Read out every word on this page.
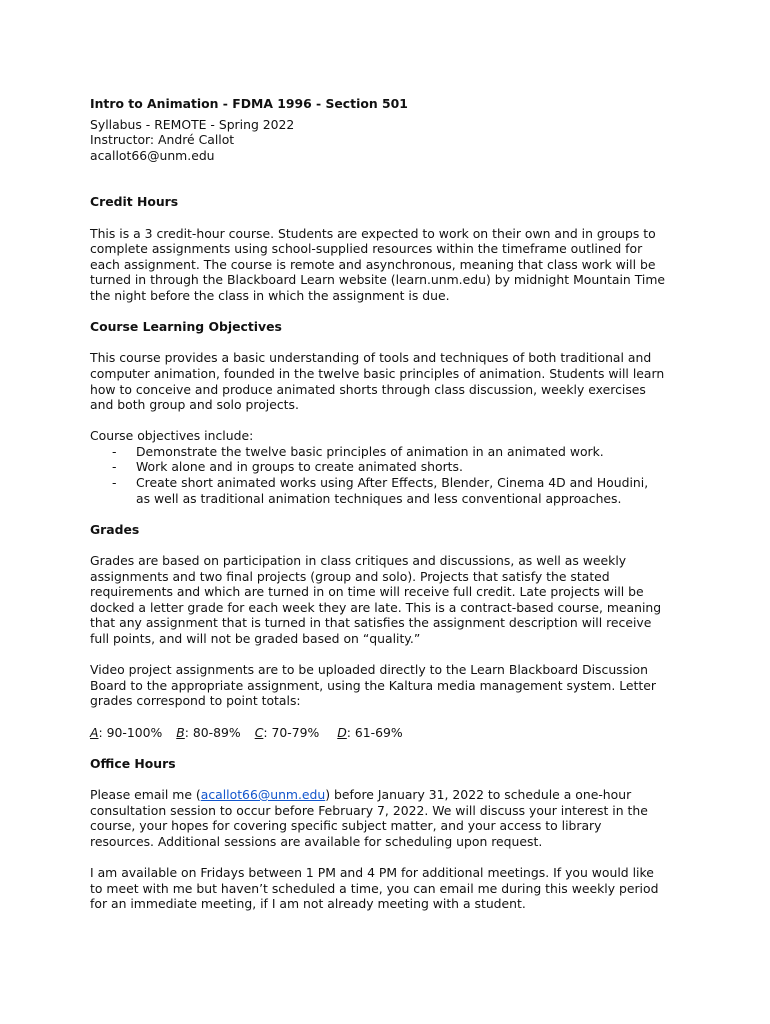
Intro to Animation - FDMA 1996 - Section 501

Syllabus - REMOTE - Spring 2022

Instructor: André Callot

acallot66@unm.edu

Credit Hours
This is a 3 credit-hour course. Students are expected to work on their own and in groups to
complete assignments using school-supplied resources within the timeframe outlined for
each assignment. The course is remote and asynchronous, meaning that class work will be
turned in through the Blackboard Learn website (learn.unm.edu) by midnight Mountain Time
the night before the class in which the assignment is due.
Course Learning Objectives
This course provides a basic understanding of tools and techniques of both traditional and
computer animation, founded in the twelve basic principles of animation. Students will learn
how to conceive and produce animated shorts through class discussion, weekly exercises
and both group and solo projects.
Course objectives include:
- Demonstrate the twelve basic principles of animation in an animated work.
- Work alone and in groups to create animated shorts.
- Create short animated works using After Effects, Blender, Cinema 4D and Houdini,
as well as traditional animation techniques and less conventional approaches.
Grades
Grades are based on participation in class critiques and discussions, as well as weekly
assignments and two final projects (group and solo). Projects that satisfy the stated
requirements and which are turned in on time will receive full credit. Late projects will be
docked a letter grade for each week they are late. This is a contract-based course, meaning
that any assignment that is turned in that satisfies the assignment description will receive
full points, and will not be graded based on “quality.”
Video project assignments are to be uploaded directly to the Learn Blackboard Discussion
Board to the appropriate assignment, using the Kaltura media management system. Letter
grades correspond to point totals:
A: 90-100% B: 80-89% C: 70-79% D: 61-69%
Office Hours
Please email me (acallot66@unm.edu) before January 31, 2022 to schedule a one-hour
consultation session to occur before February 7, 2022. We will discuss your interest in the
course, your hopes for covering specific subject matter, and your access to library
resources. Additional sessions are available for scheduling upon request.
I am available on Fridays between 1 PM and 4 PM for additional meetings. If you would like
to meet with me but haven’t scheduled a time, you can email me during this weekly period
for an immediate meeting, if I am not already meeting with a student.
